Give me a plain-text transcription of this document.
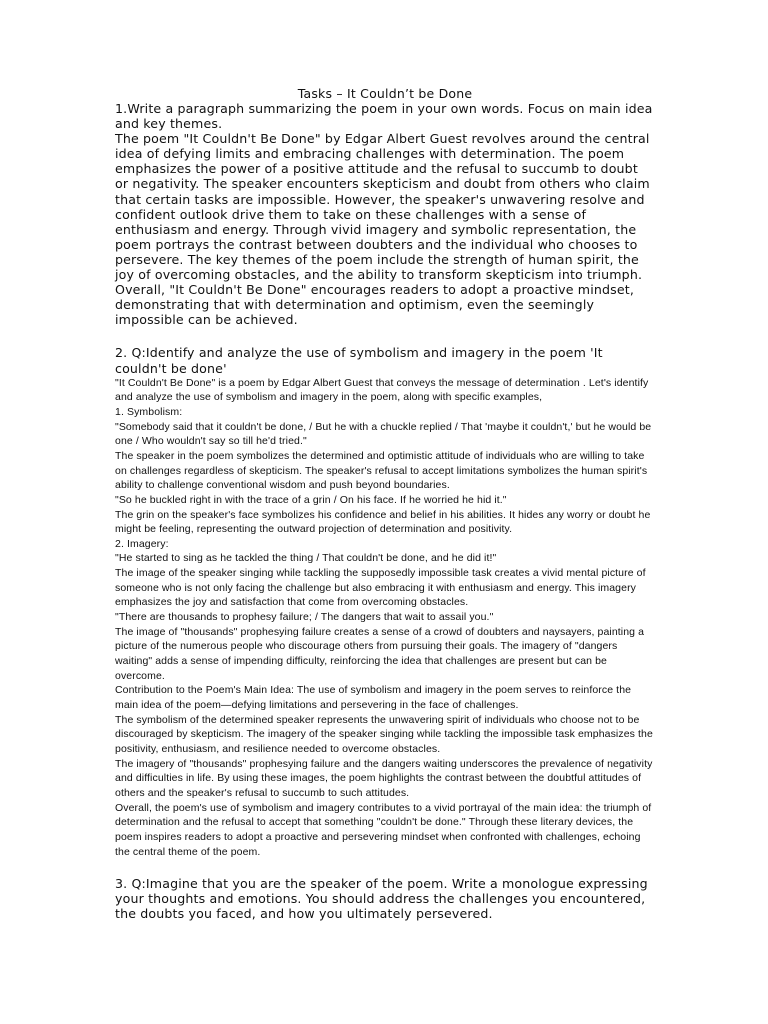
Tasks – It Couldn’t be Done

1.Write a paragraph summarizing the poem in your own words. Focus on main idea and key themes.

The poem "It Couldn't Be Done" by Edgar Albert Guest revolves around the central idea of defying limits and embracing challenges with determination. The poem emphasizes the power of a positive attitude and the refusal to succumb to doubt or negativity. The speaker encounters skepticism and doubt from others who claim that certain tasks are impossible. However, the speaker's unwavering resolve and confident outlook drive them to take on these challenges with a sense of enthusiasm and energy. Through vivid imagery and symbolic representation, the poem portrays the contrast between doubters and the individual who chooses to persevere. The key themes of the poem include the strength of human spirit, the joy of overcoming obstacles, and the ability to transform skepticism into triumph. Overall, "It Couldn't Be Done" encourages readers to adopt a proactive mindset, demonstrating that with determination and optimism, even the seemingly impossible can be achieved.

2. Q:Identify and analyze the use of symbolism and imagery in the poem 'It couldn't be done'

"It Couldn't Be Done" is a poem by Edgar Albert Guest that conveys the message of determination . Let's identify and analyze the use of symbolism and imagery in the poem, along with specific examples,

1. Symbolism:

"Somebody said that it couldn't be done, / But he with a chuckle replied / That 'maybe it couldn't,' but he would be one / Who wouldn't say so till he'd tried."

The speaker in the poem symbolizes the determined and optimistic attitude of individuals who are willing to take on challenges regardless of skepticism. The speaker's refusal to accept limitations symbolizes the human spirit's ability to challenge conventional wisdom and push beyond boundaries.

"So he buckled right in with the trace of a grin / On his face. If he worried he hid it."

The grin on the speaker's face symbolizes his confidence and belief in his abilities. It hides any worry or doubt he might be feeling, representing the outward projection of determination and positivity.

2. Imagery:

"He started to sing as he tackled the thing / That couldn't be done, and he did it!"

The image of the speaker singing while tackling the supposedly impossible task creates a vivid mental picture of someone who is not only facing the challenge but also embracing it with enthusiasm and energy. This imagery emphasizes the joy and satisfaction that come from overcoming obstacles.

"There are thousands to prophesy failure; / The dangers that wait to assail you."

The image of "thousands" prophesying failure creates a sense of a crowd of doubters and naysayers, painting a picture of the numerous people who discourage others from pursuing their goals. The imagery of "dangers waiting" adds a sense of impending difficulty, reinforcing the idea that challenges are present but can be overcome.

Contribution to the Poem's Main Idea: The use of symbolism and imagery in the poem serves to reinforce the main idea of the poem—defying limitations and persevering in the face of challenges.

The symbolism of the determined speaker represents the unwavering spirit of individuals who choose not to be discouraged by skepticism. The imagery of the speaker singing while tackling the impossible task emphasizes the positivity, enthusiasm, and resilience needed to overcome obstacles.

The imagery of "thousands" prophesying failure and the dangers waiting underscores the prevalence of negativity and difficulties in life. By using these images, the poem highlights the contrast between the doubtful attitudes of others and the speaker's refusal to succumb to such attitudes.

Overall, the poem's use of symbolism and imagery contributes to a vivid portrayal of the main idea: the triumph of determination and the refusal to accept that something "couldn't be done." Through these literary devices, the poem inspires readers to adopt a proactive and persevering mindset when confronted with challenges, echoing the central theme of the poem.

3. Q:Imagine that you are the speaker of the poem. Write a monologue expressing your thoughts and emotions. You should address the challenges you encountered, the doubts you faced, and how you ultimately persevered.
